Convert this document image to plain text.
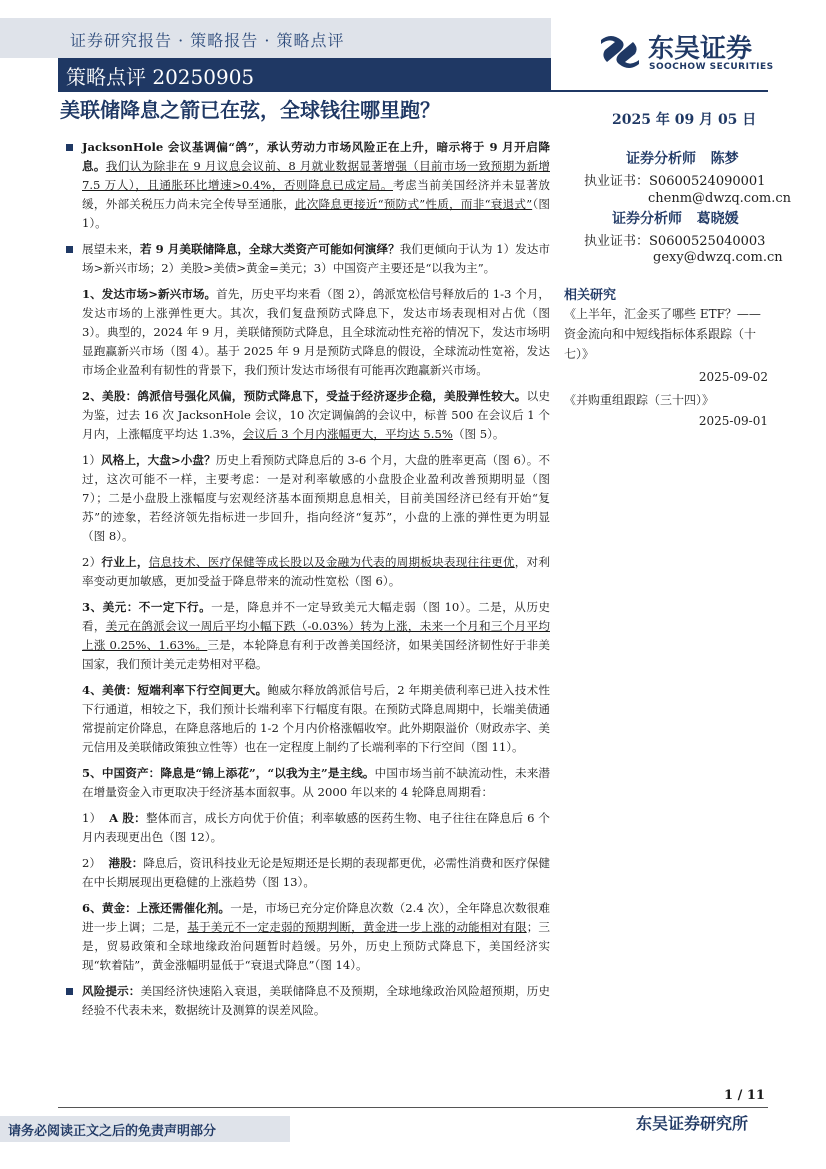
证券研究报告 · 策略报告 · 策略点评
策略点评 20250905
东吴证券
SOOCHOW SECURITIES
美联储降息之箭已在弦，全球钱往哪里跑？	2025 年 09 月 05 日
证券分析师 陈梦
执业证书：S0600524090001
chenm@dwzq.com.cn
证券分析师 葛晓媛
执业证书：S0600525040003
gexy@dwzq.com.cn
相关研究
《上半年，汇金买了哪些 ETF？——资金流向和中短线指标体系跟踪（十七）》
2025-09-02
《并购重组跟踪（三十四）》
2025-09-01

JacksonHole 会议基调偏“鸽”，承认劳动力市场风险正在上升，暗示将于 9 月开启降息。我们认为除非在 9 月议息会议前、8 月就业数据显著增强（目前市场一致预期为新增 7.5 万人），且通胀环比增速>0.4%，否则降息已成定局。考虑当前美国经济并未显著放缓，外部关税压力尚未完全传导至通胀，此次降息更接近“预防式”性质，而非“衰退式”（图 1）。

展望未来，若 9 月美联储降息，全球大类资产可能如何演绎？我们更倾向于认为 1）发达市场>新兴市场；2）美股>美债>黄金=美元；3）中国资产主要还是“以我为主”。

1、发达市场>新兴市场。首先，历史平均来看（图 2），鸽派宽松信号释放后的 1-3 个月，发达市场的上涨弹性更大。其次，我们复盘预防式降息下，发达市场表现相对占优（图 3）。典型的，2024 年 9 月，美联储预防式降息，且全球流动性充裕的情况下，发达市场明显跑赢新兴市场（图 4）。基于 2025 年 9 月是预防式降息的假设，全球流动性宽裕，发达市场企业盈利有韧性的背景下，我们预计发达市场很有可能再次跑赢新兴市场。

2、美股：鸽派信号强化风偏，预防式降息下，受益于经济逐步企稳，美股弹性较大。以史为鉴，过去 16 次 JacksonHole 会议，10 次定调偏鸽的会议中，标普 500 在会议后 1 个月内，上涨幅度平均达 1.3%，会议后 3 个月内涨幅更大，平均达 5.5%（图 5）。

1）风格上，大盘>小盘？历史上看预防式降息后的 3-6 个月，大盘的胜率更高（图 6）。不过，这次可能不一样，主要考虑：一是对利率敏感的小盘股企业盈利改善预期明显（图 7）；二是小盘股上涨幅度与宏观经济基本面预期息息相关，目前美国经济已经有开始“复苏”的迹象，若经济领先指标进一步回升，指向经济“复苏”，小盘的上涨的弹性更为明显（图 8）。

2）行业上，信息技术、医疗保健等成长股以及金融为代表的周期板块表现往往更优，对利率变动更加敏感，更加受益于降息带来的流动性宽松（图 6）。

3、美元：不一定下行。一是，降息并不一定导致美元大幅走弱（图 10）。二是，从历史看，美元在鸽派会议一周后平均小幅下跌（-0.03%）转为上涨，未来一个月和三个月平均上涨 0.25%、1.63%。三是，本轮降息有利于改善美国经济，如果美国经济韧性好于非美国家，我们预计美元走势相对平稳。

4、美债：短端利率下行空间更大。鲍威尔释放鸽派信号后，2 年期美债利率已进入技术性下行通道，相较之下，我们预计长端利率下行幅度有限。在预防式降息周期中，长端美债通常提前定价降息，在降息落地后的 1-2 个月内价格涨幅收窄。此外期限溢价（财政赤字、美元信用及美联储政策独立性等）也在一定程度上制约了长端利率的下行空间（图 11）。

5、中国资产：降息是“锦上添花”，“以我为主”是主线。中国市场当前不缺流动性，未来潜在增量资金入市更取决于经济基本面叙事。从 2000 年以来的 4 轮降息周期看：

1） A 股：整体而言，成长方向优于价值；利率敏感的医药生物、电子往往在降息后 6 个月内表现更出色（图 12）。

2） 港股：降息后，资讯科技业无论是短期还是长期的表现都更优，必需性消费和医疗保健在中长期展现出更稳健的上涨趋势（图 13）。

6、黄金：上涨还需催化剂。一是，市场已充分定价降息次数（2.4 次），全年降息次数很难进一步上调；二是，基于美元不一定走弱的预期判断，黄金进一步上涨的动能相对有限；三是，贸易政策和全球地缘政治问题暂时趋缓。另外，历史上预防式降息下，美国经济实现“软着陆”，黄金涨幅明显低于“衰退式降息”（图 14）。

风险提示：美国经济快速陷入衰退，美联储降息不及预期，全球地缘政治风险超预期，历史经验不代表未来，数据统计及测算的误差风险。

1 / 11
请务必阅读正文之后的免责声明部分	东吴证券研究所
